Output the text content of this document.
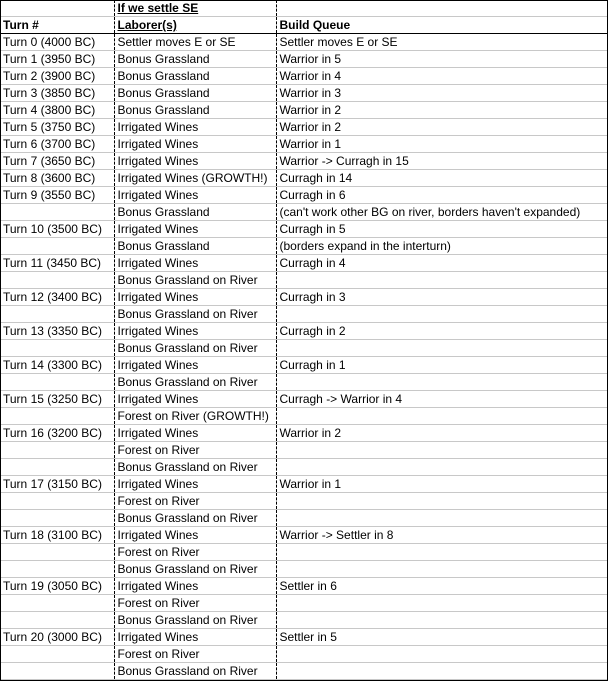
	If we settle SE	
Turn #	Laborer(s)	Build Queue
Turn 0 (4000 BC)	Settler moves E or SE	Settler moves E or SE
Turn 1 (3950 BC)	Bonus Grassland	Warrior in 5
Turn 2 (3900 BC)	Bonus Grassland	Warrior in 4
Turn 3 (3850 BC)	Bonus Grassland	Warrior in 3
Turn 4 (3800 BC)	Bonus Grassland	Warrior in 2
Turn 5 (3750 BC)	Irrigated Wines	Warrior in 2
Turn 6 (3700 BC)	Irrigated Wines	Warrior in 1
Turn 7 (3650 BC)	Irrigated Wines	Warrior -> Curragh in 15
Turn 8 (3600 BC)	Irrigated Wines (GROWTH!)	Curragh in 14
Turn 9 (3550 BC)	Irrigated Wines	Curragh in 6
	Bonus Grassland	(can't work other BG on river, borders haven't expanded)
Turn 10 (3500 BC)	Irrigated Wines	Curragh in 5
	Bonus Grassland	(borders expand in the interturn)
Turn 11 (3450 BC)	Irrigated Wines	Curragh in 4
	Bonus Grassland on River	
Turn 12 (3400 BC)	Irrigated Wines	Curragh in 3
	Bonus Grassland on River	
Turn 13 (3350 BC)	Irrigated Wines	Curragh in 2
	Bonus Grassland on River	
Turn 14 (3300 BC)	Irrigated Wines	Curragh in 1
	Bonus Grassland on River	
Turn 15 (3250 BC)	Irrigated Wines	Curragh -> Warrior in 4
	Forest on River (GROWTH!)	
Turn 16 (3200 BC)	Irrigated Wines	Warrior in 2
	Forest on River	
	Bonus Grassland on River	
Turn 17 (3150 BC)	Irrigated Wines	Warrior in 1
	Forest on River	
	Bonus Grassland on River	
Turn 18 (3100 BC)	Irrigated Wines	Warrior -> Settler in 8
	Forest on River	
	Bonus Grassland on River	
Turn 19 (3050 BC)	Irrigated Wines	Settler in 6
	Forest on River	
	Bonus Grassland on River	
Turn 20 (3000 BC)	Irrigated Wines	Settler in 5
	Forest on River	
	Bonus Grassland on River	
